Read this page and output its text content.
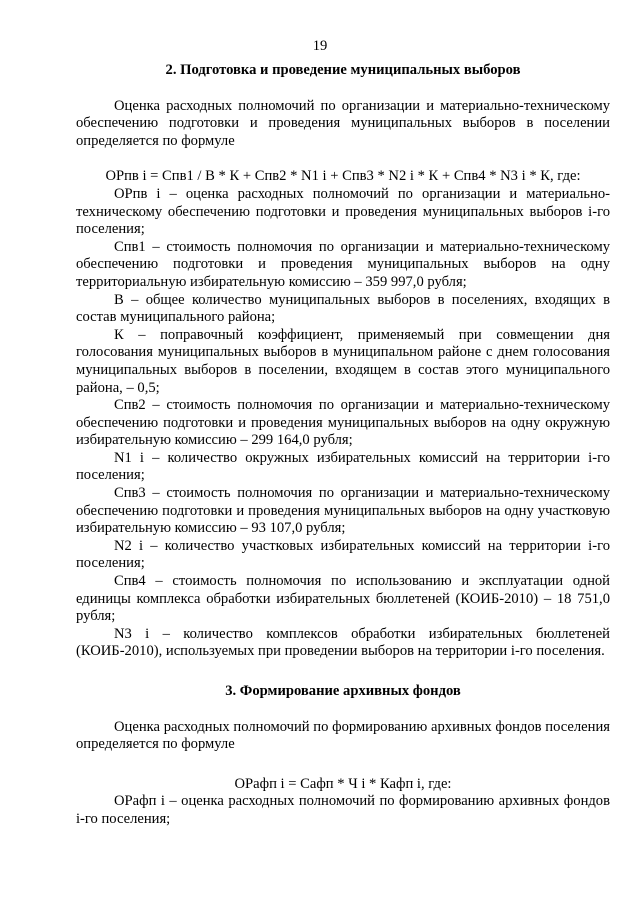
19
2. Подготовка и проведение муниципальных выборов

Оценка расходных полномочий по организации и материально-техническому обеспечению подготовки и проведения муниципальных выборов в поселении определяется по формуле

ОРпв i = Спв1 / В * К + Спв2 * N1 i + Спв3 * N2 i * К + Спв4 * N3 i * К, где:

ОРпв i – оценка расходных полномочий по организации и материально-техническому обеспечению подготовки и проведения муниципальных выборов i-го поселения;

Спв1 – стоимость полномочия по организации и материально-техническому обеспечению подготовки и проведения муниципальных выборов на одну территориальную избирательную комиссию – 359 997,0 рубля;

В – общее количество муниципальных выборов в поселениях, входящих в состав муниципального района;

К – поправочный коэффициент, применяемый при совмещении дня голосования муниципальных выборов в муниципальном районе с днем голосования муниципальных выборов в поселении, входящем в состав этого муниципального района, – 0,5;

Спв2 – стоимость полномочия по организации и материально-техническому обеспечению подготовки и проведения муниципальных выборов на одну окружную избирательную комиссию – 299 164,0 рубля;

N1 i – количество окружных избирательных комиссий на территории i-го поселения;

Спв3 – стоимость полномочия по организации и материально-техническому обеспечению подготовки и проведения муниципальных выборов на одну участковую избирательную комиссию – 93 107,0 рубля;

N2 i – количество участковых избирательных комиссий на территории i-го поселения;

Спв4 – стоимость полномочия по использованию и эксплуатации одной единицы комплекса обработки избирательных бюллетеней (КОИБ-2010) – 18 751,0 рубля;

N3 i – количество комплексов обработки избирательных бюллетеней (КОИБ-2010), используемых при проведении выборов на территории i-го поселения.

3. Формирование архивных фондов

Оценка расходных полномочий по формированию архивных фондов поселения определяется по формуле

ОРафп i = Сафп * Ч i * Кафп i, где:

ОРафп i – оценка расходных полномочий по формированию архивных фондов i-го поселения;
